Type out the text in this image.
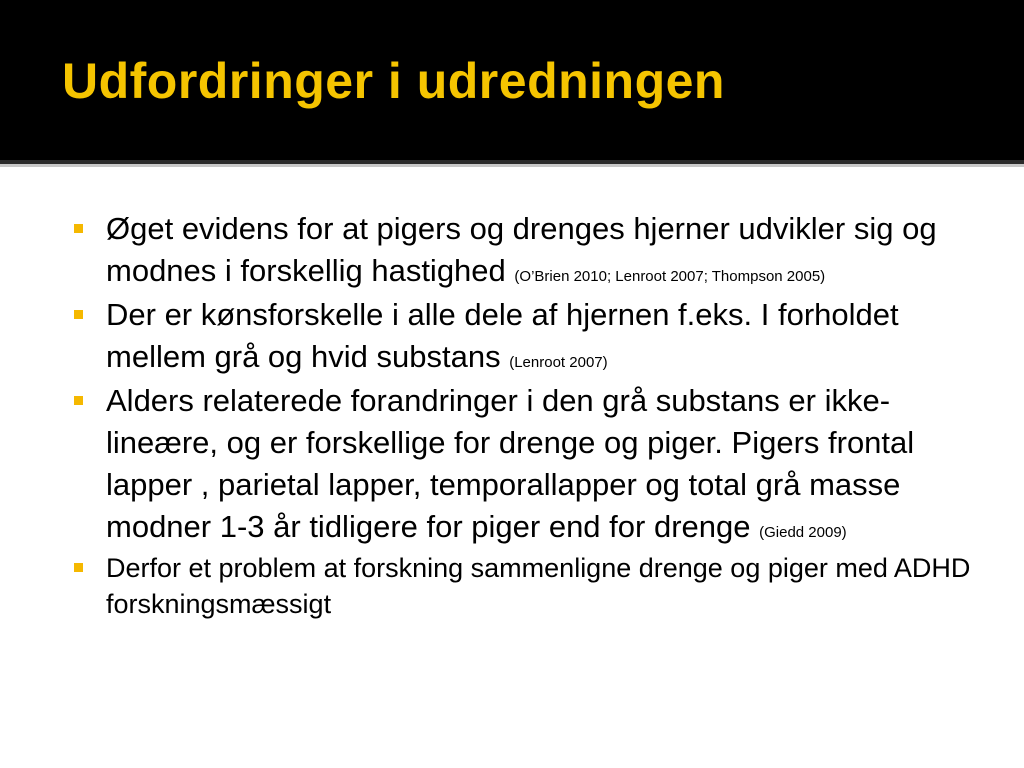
Udfordringer i udredningen
Øget evidens for at pigers og drenges hjerner udvikler sig og modnes i forskellig hastighed (O’Brien 2010; Lenroot 2007; Thompson 2005)
Der er kønsforskelle i alle dele af hjernen f.eks. I forholdet mellem grå og hvid substans (Lenroot 2007)
Alders relaterede forandringer i den grå substans er ikke-lineære, og er forskellige for drenge og piger. Pigers frontal lapper , parietal lapper, temporallapper og total grå masse modner 1-3 år tidligere for piger end for drenge (Giedd 2009)
Derfor et problem at forskning sammenligne drenge og piger med ADHD forskningsmæssigt
